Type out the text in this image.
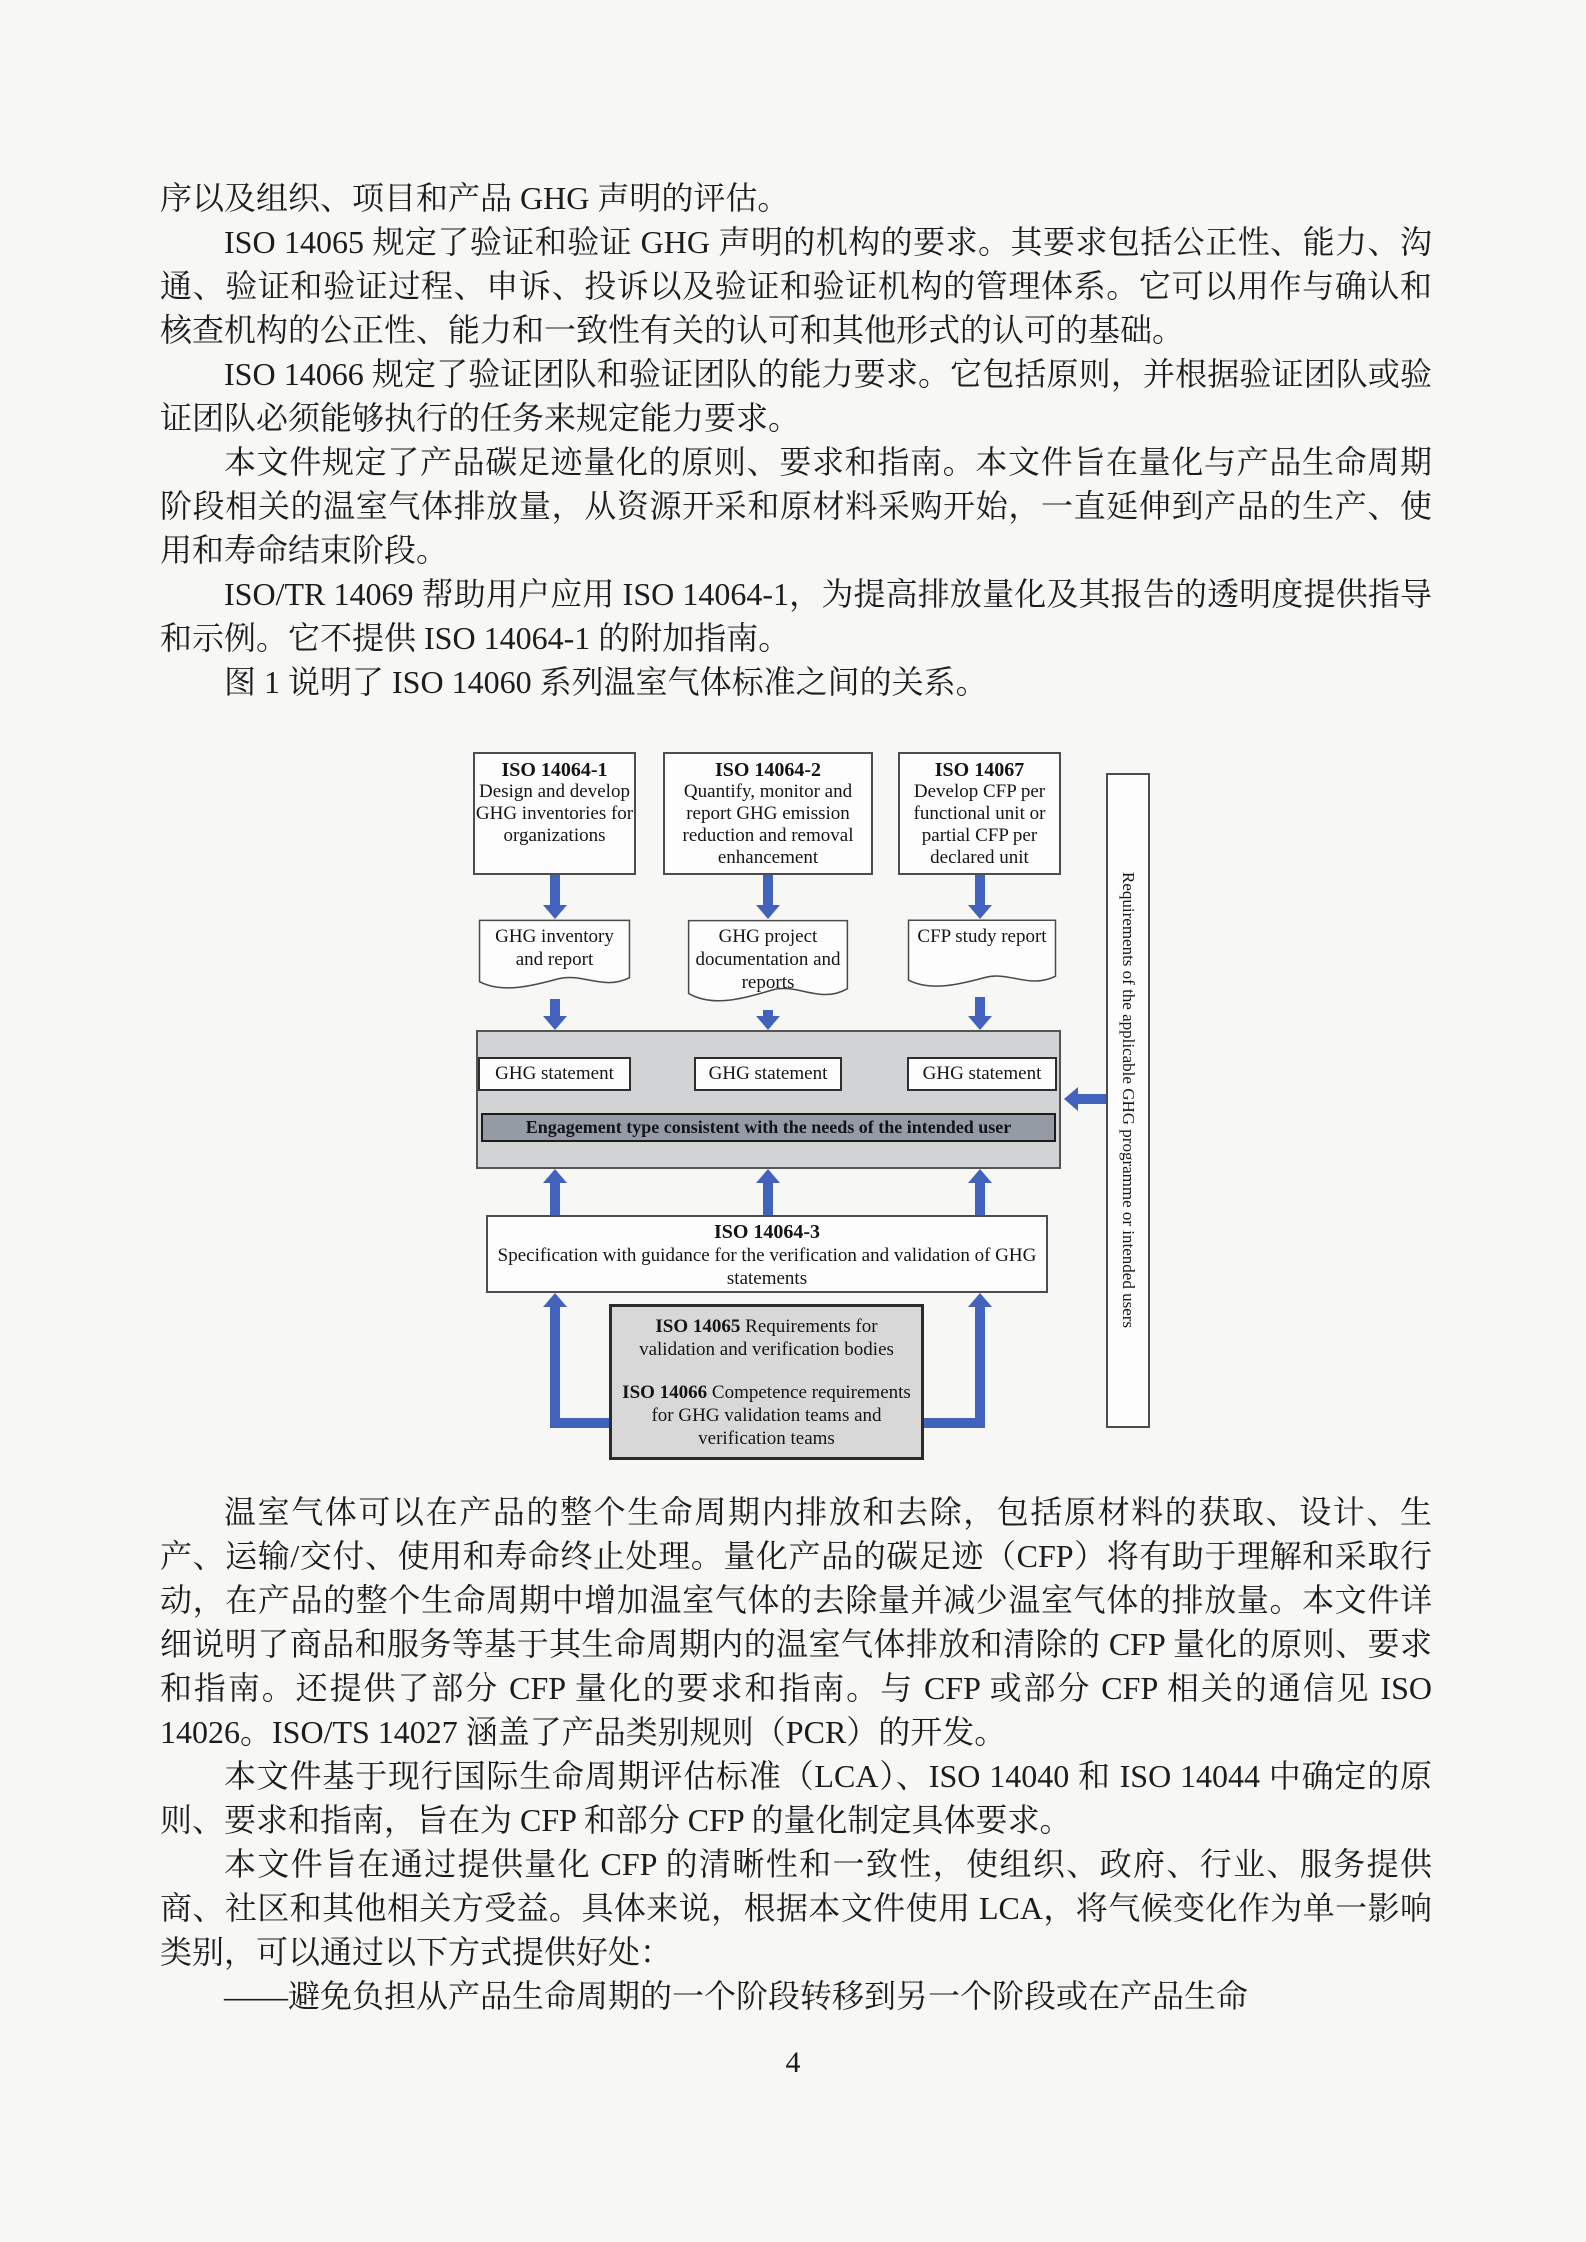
序以及组织、项目和产品 GHG 声明的评估。

ISO 14065 规定了验证和验证 GHG 声明的机构的要求。其要求包括公正性、能力、沟通、验证和验证过程、申诉、投诉以及验证和验证机构的管理体系。它可以用作与确认和核查机构的公正性、能力和一致性有关的认可和其他形式的认可的基础。

ISO 14066 规定了验证团队和验证团队的能力要求。它包括原则，并根据验证团队或验证团队必须能够执行的任务来规定能力要求。

本文件规定了产品碳足迹量化的原则、要求和指南。本文件旨在量化与产品生命周期阶段相关的温室气体排放量，从资源开采和原材料采购开始，一直延伸到产品的生产、使用和寿命结束阶段。

ISO/TR 14069 帮助用户应用 ISO 14064-1，为提高排放量化及其报告的透明度提供指导和示例。它不提供 ISO 14064-1 的附加指南。

图 1 说明了 ISO 14060 系列温室气体标准之间的关系。

ISO 14064-1
Design and develop GHG inventories for organizations
ISO 14064-2
Quantify, monitor and report GHG emission reduction and removal enhancement
ISO 14067
Develop CFP per functional unit or partial CFP per declared unit
Requirements of the applicable GHG programme or intended users
GHG inventory and report
GHG project documentation and reports
CFP study report
GHG statement	GHG statement	GHG statement
Engagement type consistent with the needs of the intended user
ISO 14064-3
Specification with guidance for the verification and validation of GHG statements

ISO 14065 Requirements for validation and verification bodies

ISO 14066 Competence requirements for GHG validation teams and verification teams

温室气体可以在产品的整个生命周期内排放和去除，包括原材料的获取、设计、生产、运输/交付、使用和寿命终止处理。量化产品的碳足迹（CFP）将有助于理解和采取行动，在产品的整个生命周期中增加温室气体的去除量并减少温室气体的排放量。本文件详细说明了商品和服务等基于其生命周期内的温室气体排放和清除的 CFP 量化的原则、要求和指南。还提供了部分 CFP 量化的要求和指南。与 CFP 或部分 CFP 相关的通信见 ISO 14026。ISO/TS 14027 涵盖了产品类别规则（PCR）的开发。

本文件基于现行国际生命周期评估标准（LCA）、ISO 14040 和 ISO 14044 中确定的原则、要求和指南，旨在为 CFP 和部分 CFP 的量化制定具体要求。

本文件旨在通过提供量化 CFP 的清晰性和一致性，使组织、政府、行业、服务提供商、社区和其他相关方受益。具体来说，根据本文件使用 LCA，将气候变化作为单一影响类别，可以通过以下方式提供好处：

——避免负担从产品生命周期的一个阶段转移到另一个阶段或在产品生命

4
